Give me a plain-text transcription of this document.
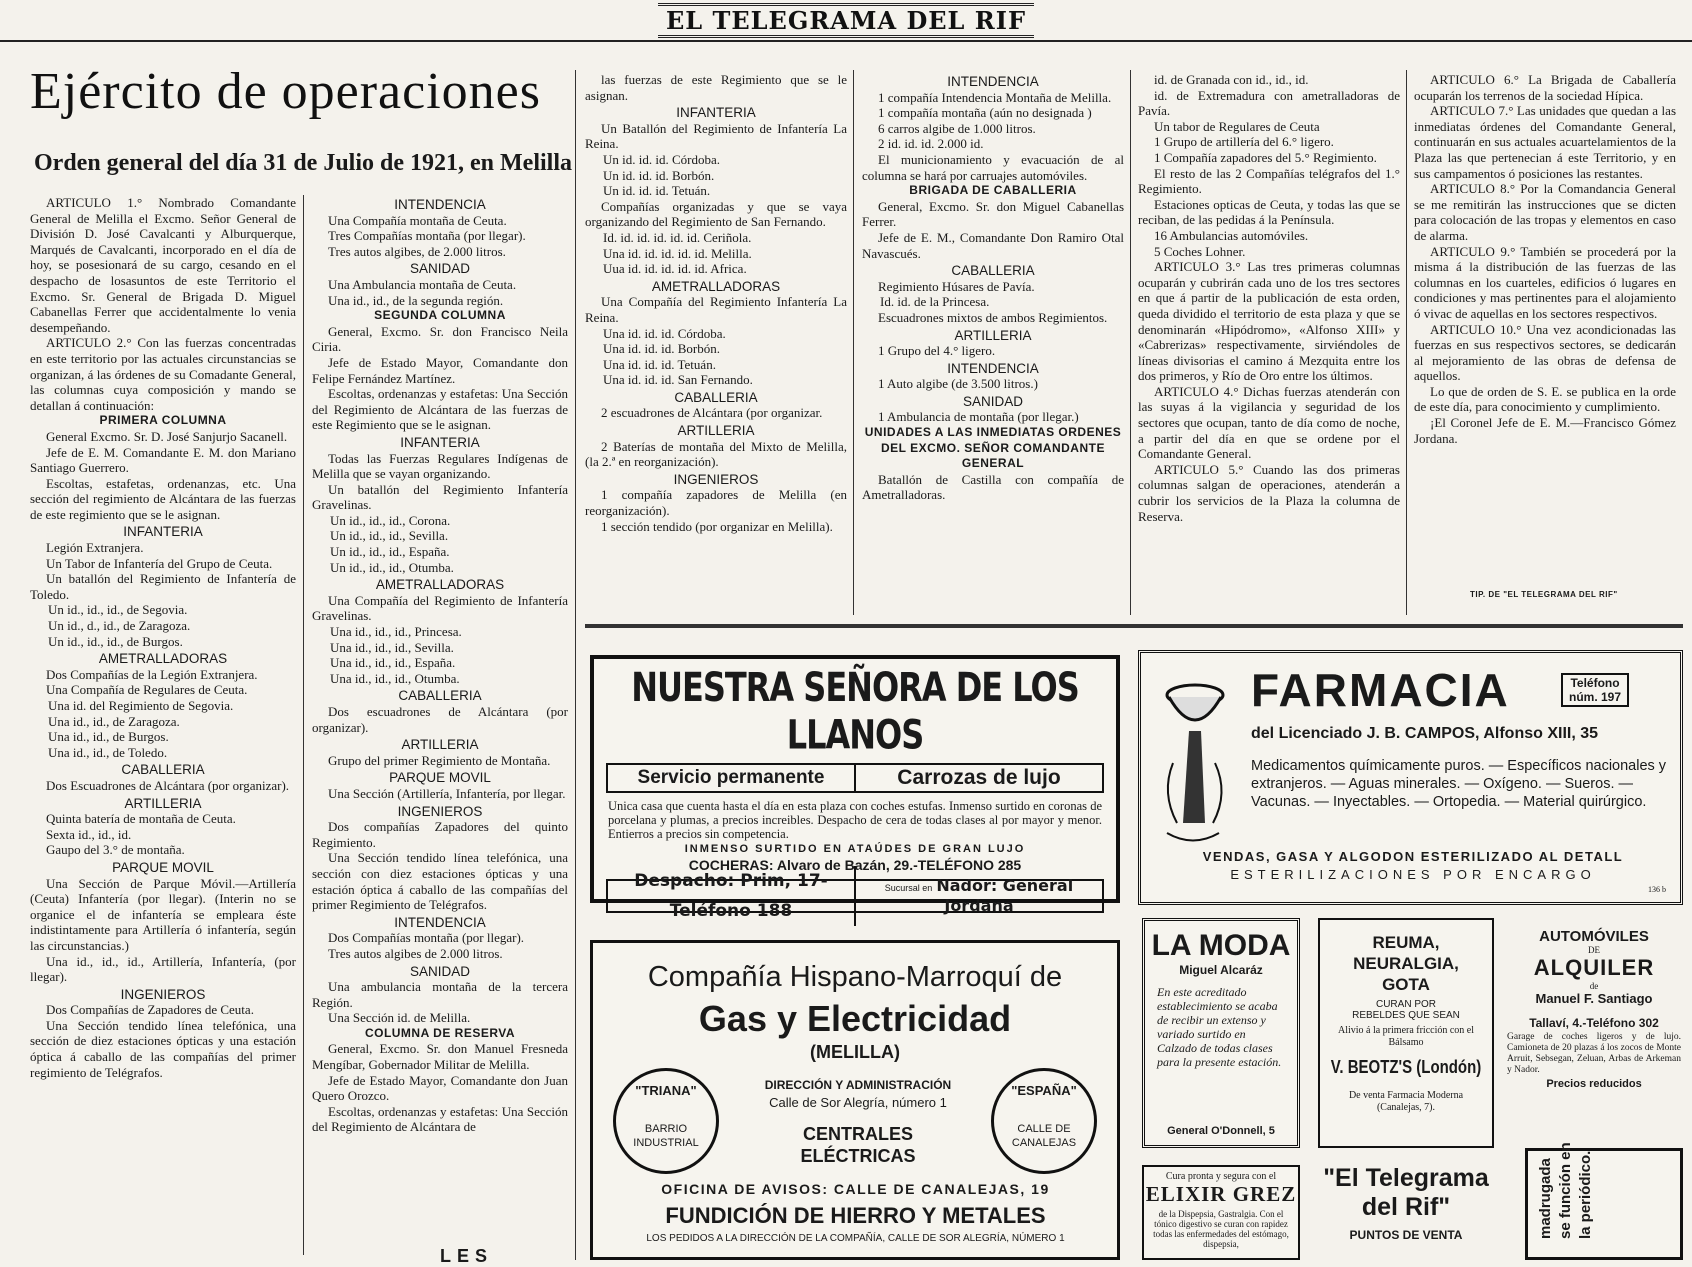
EL TELEGRAMA DEL RIF
Ejército de operaciones
Orden general del día 31 de Julio de 1921, en Melilla

ARTICULO 1.° Nombrado Comandante General de Melilla el Excmo. Señor General de División D. José Cavalcanti y Alburquerque, Marqués de Cavalcanti, incorporado en el día de hoy, se posesionará de su cargo, cesando en el despacho de losasuntos de este Territorio el Excmo. Sr. General de Brigada D. Miguel Cabanellas Ferrer que accidentalmente lo venia desempeñando.

ARTICULO 2.° Con las fuerzas concentradas en este territorio por las actuales circunstancias se organizan, á las órdenes de su Comadante General, las columnas cuya composición y mando se detallan á continuación:

PRIMERA COLUMNA

General Excmo. Sr. D. José Sanjurjo Sacanell.

Jefe de E. M. Comandante E. M. don Mariano Santiago Guerrero.

Escoltas, estafetas, ordenanzas, etc. Una sección del regimiento de Alcántara de las fuerzas de este regimiento que se le asignan.

INFANTERIA

Legión Extranjera.

Un Tabor de Infantería del Grupo de Ceuta.

Un batallón del Regimiento de Infantería de Toledo.

Un id., id., id., de Segovia.

Un id., d., id., de Zaragoza.

Un id., id., id., de Burgos.

AMETRALLADORAS

Dos Compañías de la Legión Extranjera.

Una Compañía de Regulares de Ceuta.

Una id. del Regimiento de Segovia.

Una id., id., de Zaragoza.

Una id., id., de Burgos.

Una id., id., de Toledo.

CABALLERIA

Dos Escuadrones de Alcántara (por organizar).

ARTILLERIA

Quinta batería de montaña de Ceuta.

Sexta id., id., id.

Gaupo del 3.° de montaña.

PARQUE MOVIL

Una Sección de Parque Móvil.—Artillería (Ceuta) Infantería (por llegar). (Interin no se organice el de infantería se empleara éste indistintamente para Artillería ó infantería, según las circunstancias.)

Una id., id., id., Artillería, Infantería, (por llegar).

INGENIEROS

Dos Compañías de Zapadores de Ceuta.

Una Sección tendido línea telefónica, una sección de diez estaciones ópticas y una estación óptica á caballo de las compañías del primer regimiento de Telégrafos.

INTENDENCIA

Una Compañía montaña de Ceuta.

Tres Compañías montaña (por llegar).

Tres autos algibes, de 2.000 litros.

SANIDAD

Una Ambulancia montaña de Ceuta.

Una id., id., de la segunda región.

SEGUNDA COLUMNA

General, Excmo. Sr. don Francisco Neila Ciria.

Jefe de Estado Mayor, Comandante don Felipe Fernández Martínez.

Escoltas, ordenanzas y estafetas: Una Sección del Regimiento de Alcántara de las fuerzas de este Regimiento que se le asignan.

INFANTERIA

Todas las Fuerzas Regulares Indígenas de Melilla que se vayan organizando.

Un batallón del Regimiento Infantería Gravelinas.

Un id., id., id., Corona.

Un id., id., id., Sevilla.

Un id., id., id., España.

Un id., id., id., Otumba.

AMETRALLADORAS

Una Compañía del Regimiento de Infantería Gravelinas.

Una id., id., id., Princesa.

Una id., id., id., Sevilla.

Una id., id., id., España.

Una id., id., id., Otumba.

CABALLERIA

Dos escuadrones de Alcántara (por organizar).

ARTILLERIA

Grupo del primer Regimiento de Montaña.

PARQUE MOVIL

Una Sección (Artillería, Infantería, por llegar.

INGENIEROS

Dos compañías Zapadores del quinto Regimiento.

Una Sección tendido línea telefónica, una sección con diez estaciones ópticas y una estación óptica á caballo de las compañías del primer Regimiento de Telégrafos.

INTENDENCIA

Dos Compañías montaña (por llegar).

Tres autos algibes de 2.000 litros.

SANIDAD

Una ambulancia montaña de la tercera Región.

Una Sección id. de Melilla.

COLUMNA DE RESERVA

General, Excmo. Sr. don Manuel Fresneda Mengíbar, Gobernador Militar de Melilla.

Jefe de Estado Mayor, Comandante don Juan Quero Orozco.

Escoltas, ordenanzas y estafetas: Una Sección del Regimiento de Alcántara de

las fuerzas de este Regimiento que se le asignan.

INFANTERIA

Un Batallón del Regimiento de Infantería La Reina.

Un id. id. id. Córdoba.

Un id. id. id. Borbón.

Un id. id. id. Tetuán.

Compañías organizadas y que se vaya organizando del Regimiento de San Fernando.

Id. id. id. id. id. id. Ceriñola.

Una id. id. id. id. id. Melilla.

Uua id. id. id. id. id. Africa.

AMETRALLADORAS

Una Compañía del Regimiento Infantería La Reina.

Una id. id. id. Córdoba.

Una id. id. id. Borbón.

Una id. id. id. Tetuán.

Una id. id. id. San Fernando.

CABALLERIA

2 escuadrones de Alcántara (por organizar.

ARTILLERIA

2 Baterías de montaña del Mixto de Melilla, (la 2.ª en reorganización).

INGENIEROS

1 compañía zapadores de Melilla (en reorganización).

1 sección tendido (por organizar en Melilla).

INTENDENCIA

1 compañía Intendencia Montaña de Melilla.

1 compañía montaña (aún no designada )

6 carros algibe de 1.000 litros.

2 id. id. id. 2.000 id.

El municionamiento y evacuación de al columna se hará por carruajes automóviles.

BRIGADA DE CABALLERIA

General, Excmo. Sr. don Miguel Cabanellas Ferrer.

Jefe de E. M., Comandante Don Ramiro Otal Navascués.

CABALLERIA

Regimiento Húsares de Pavía.

Id. id. de la Princesa.

Escuadrones mixtos de ambos Regimientos.

ARTILLERIA

1 Grupo del 4.° ligero.

INTENDENCIA

1 Auto algibe (de 3.500 litros.)

SANIDAD

1 Ambulancia de montaña (por llegar.)

UNIDADES A LAS INMEDIATAS ORDENES DEL EXCMO. SEÑOR COMANDANTE GENERAL

Batallón de Castilla con compañía de Ametralladoras.

id. de Granada con id., id., id.

id. de Extremadura con ametralladoras de Pavía.

Un tabor de Regulares de Ceuta

1 Grupo de artillería del 6.° ligero.

1 Compañía zapadores del 5.° Regimiento.

El resto de las 2 Compañías telégrafos del 1.° Regimiento.

Estaciones opticas de Ceuta, y todas las que se reciban, de las pedidas á la Península.

16 Ambulancias automóviles.

5 Coches Lohner.

ARTICULO 3.° Las tres primeras columnas ocuparán y cubrirán cada uno de los tres sectores en que á partir de la publicación de esta orden, queda dividido el territorio de esta plaza y que se denominarán «Hipódromo», «Alfonso XIII» y «Cabrerizas» respectivamente, sirviéndoles de líneas divisorias el camino á Mezquita entre los dos primeros, y Río de Oro entre los últimos.

ARTICULO 4.° Dichas fuerzas atenderán con las suyas á la vigilancia y seguridad de los sectores que ocupan, tanto de día como de noche, a partir del día en que se ordene por el Comandante General.

ARTICULO 5.° Cuando las dos primeras columnas salgan de operaciones, atenderán a cubrir los servicios de la Plaza la columna de Reserva.

ARTICULO 6.° La Brigada de Caballería ocuparán los terrenos de la sociedad Hípica.

ARTICULO 7.° Las unidades que quedan a las inmediatas órdenes del Comandante General, continuarán en sus actuales acuartelamientos de la Plaza las que pertenecian á este Territorio, y en sus campamentos ó posiciones las restantes.

ARTICULO 8.° Por la Comandancia General se me remitirán las instrucciones que se dicten para colocación de las tropas y elementos en caso de alarma.

ARTICULO 9.° También se procederá por la misma á la distribución de las fuerzas de las columnas en los cuarteles, edificios ó lugares en condiciones y mas pertinentes para el alojamiento ó vivac de aquellas en los sectores respectivos.

ARTICULO 10.° Una vez acondicionadas las fuerzas en sus respectivos sectores, se dedicarán al mejoramiento de las obras de defensa de aquellos.

Lo que de orden de S. E. se publica en la orde de este día, para conocimiento y cumplimiento.

¡El Coronel Jefe de E. M.—Francisco Gómez Jordana.

TIP. DE "EL TELEGRAMA DEL RIF"
NUESTRA SEÑORA DE LOS LLANOS
Servicio permanente	Carrozas de lujo
Unica casa que cuenta hasta el día en esta plaza con coches estufas. Inmenso surtido en coronas de porcelana y plumas, a precios increibles. Despacho de cera de todas clases al por mayor y menor. Entierros a precios sin competencia.
INMENSO SURTIDO EN ATAÚDES DE GRAN LUJO
COCHERAS: Alvaro de Bazán, 29.-TELÉFONO 285
Despacho: Prim, 17-Teléfono 188
Sucursal en Nador: General Jordana
FARMACIA	Teléfono
núm. 197
del Licenciado J. B. CAMPOS, Alfonso XIII, 35
Medicamentos químicamente puros. — Específicos nacionales y extranjeros. — Aguas minerales. — Oxígeno. — Sueros. — Vacunas. — Inyectables. — Ortopedia. — Material quirúrgico.
VENDAS, GASA Y ALGODON ESTERILIZADO AL DETALL
ESTERILIZACIONES POR ENCARGO
136 b
Compañía Hispano-Marroquí de
Gas y Electricidad
(MELILLA)
"TRIANA"
BARRIO INDUSTRIAL
"ESPAÑA"
CALLE DE CANALEJAS
DIRECCIÓN Y ADMINISTRACIÓN
Calle de Sor Alegría, número 1
CENTRALES ELÉCTRICAS
OFICINA DE AVISOS: CALLE DE CANALEJAS, 19
FUNDICIÓN DE HIERRO Y METALES
LOS PEDIDOS A LA DIRECCIÓN DE LA COMPAÑÍA, CALLE DE SOR ALEGRÍA, NÚMERO 1
LA MODA
Miguel Alcaráz
En este acreditado establecimiento se acaba de recibir un extenso y variado surtido en Calzado de todas clases para la presente estación.
General O'Donnell, 5
REUMA, NEURALGIA, GOTA
CURAN POR REBELDES QUE SEAN
Alivio á la primera fricción con el Bálsamo
V. BEOTZ'S (Londón)
De venta Farmacia Moderna (Canalejas, 7).
AUTOMÓVILES
DE
ALQUILER
de
Manuel F. Santiago
Tallaví, 4.-Teléfono 302
Garage de coches ligeros y de lujo. Camioneta de 20 plazas á los zocos de Monte Arruit, Sebsegan, Zeluan, Arbas de Arkeman y Nador.
Precios reducidos
Cura pronta y segura con el
ELIXIR GREZ
de la Dispepsia, Gastralgia. Con el tónico digestivo se curan con rapidez todas las enfermedades del estómago, dispepsia,
"El Telegrama
del Rif"
PUNTOS DE VENTA	madrugada se función en la periódico.
LES
